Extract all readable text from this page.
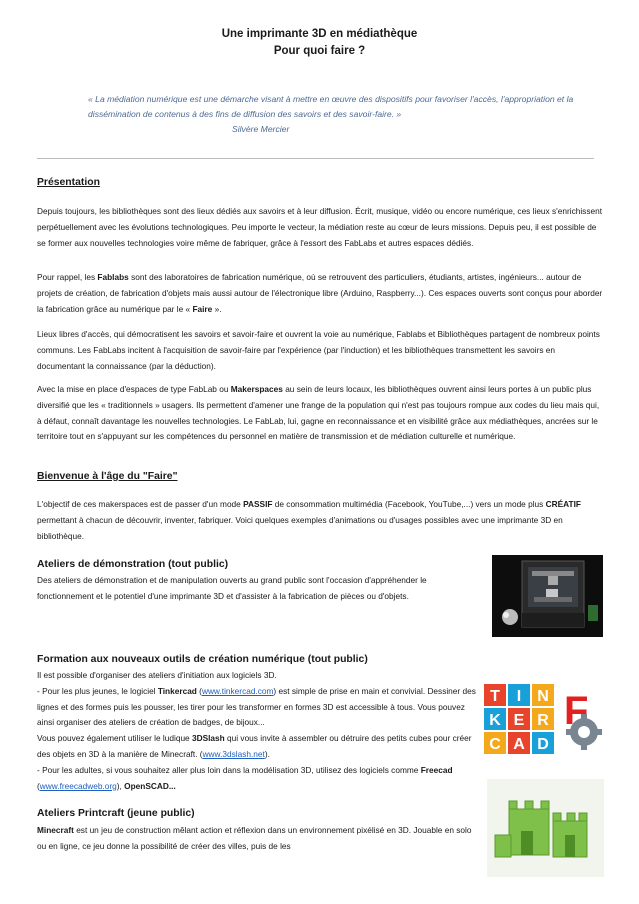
Une imprimante 3D en médiathèque
Pour quoi faire ?
« La médiation numérique est une démarche visant à mettre en œuvre des dispositifs pour favoriser l'accès, l'appropriation et la dissémination de contenus à des fins de diffusion des savoirs et des savoir-faire. »
Silvère Mercier
Présentation

Depuis toujours, les bibliothèques sont des lieux dédiés aux savoirs et à leur diffusion. Écrit, musique, vidéo ou encore numérique, ces lieux s'enrichissent perpétuellement avec les évolutions technologiques. Peu importe le vecteur, la médiation reste au cœur de leurs missions. Depuis peu, il est possible de se former aux nouvelles technologies voire même de fabriquer, grâce à l'essort des FabLabs et autres espaces dédiés.

Pour rappel, les Fablabs sont des laboratoires de fabrication numérique, où se retrouvent des particuliers, étudiants, artistes, ingénieurs... autour de projets de création, de fabrication d'objets mais aussi autour de l'électronique libre (Arduino, Raspberry...). Ces espaces ouverts sont conçus pour aborder la fabrication grâce au numérique par le « Faire ».

Lieux libres d'accès, qui démocratisent les savoirs et savoir-faire et ouvrent la voie au numérique, Fablabs et Bibliothèques partagent de nombreux points communs. Les FabLabs incitent à l'acquisition de savoir-faire par l'expérience (par l'induction) et les bibliothèques transmettent les savoirs en documentant la connaissance (par la déduction).

Avec la mise en place d'espaces de type FabLab ou Makerspaces au sein de leurs locaux, les bibliothèques ouvrent ainsi leurs portes à un public plus diversifié que les « traditionnels » usagers. Ils permettent d'amener une frange de la population qui n'est pas toujours rompue aux codes du lieu mais qui, à défaut, connaît davantage les nouvelles technologies. Le FabLab, lui, gagne en reconnaissance et en visibilité grâce aux médiathèques, ancrées sur le territoire tout en s'appuyant sur les compétences du personnel en matière de transmission et de médiation culturelle et numérique.

Bienvenue à l'âge du "Faire"

L'objectif de ces makerspaces est de passer d'un mode PASSIF de consommation multimédia (Facebook, YouTube,...) vers un mode plus CRÉATIF permettant à chacun de découvrir, inventer, fabriquer. Voici quelques exemples d'animations ou d'usages possibles avec une imprimante 3D en bibliothèque.

Ateliers de démonstration (tout public)

Des ateliers de démonstration et de manipulation ouverts au grand public sont l'occasion d'appréhender le fonctionnement et le potentiel d'une imprimante 3D et d'assister à la fabrication de pièces ou d'objets.

Formation aux nouveaux outils de création numérique (tout public)

Il est possible d'organiser des ateliers d'initiation aux logiciels 3D.
- Pour les plus jeunes, le logiciel Tinkercad (www.tinkercad.com) est simple de prise en main et convivial. Dessiner des lignes et des formes puis les pousser, les tirer pour les transformer en formes 3D est accessible à tous. Vous pouvez ainsi organiser des ateliers de création de badges, de bijoux...
Vous pouvez également utiliser le ludique 3DSlash qui vous invite à assembler ou détruire des petits cubes pour créer des objets en 3D à la manière de Minecraft. (www.3dslash.net).
- Pour les adultes, si vous souhaitez aller plus loin dans la modélisation 3D, utilisez des logiciels comme Freecad (www.freecadweb.org), OpenSCAD...

T I N
K E R
C A D
F
Ateliers Printcraft (jeune public)

Minecraft est un jeu de construction mêlant action et réflexion dans un environnement pixélisé en 3D. Jouable en solo ou en ligne, ce jeu donne la possibilité de créer des villes, puis de les
